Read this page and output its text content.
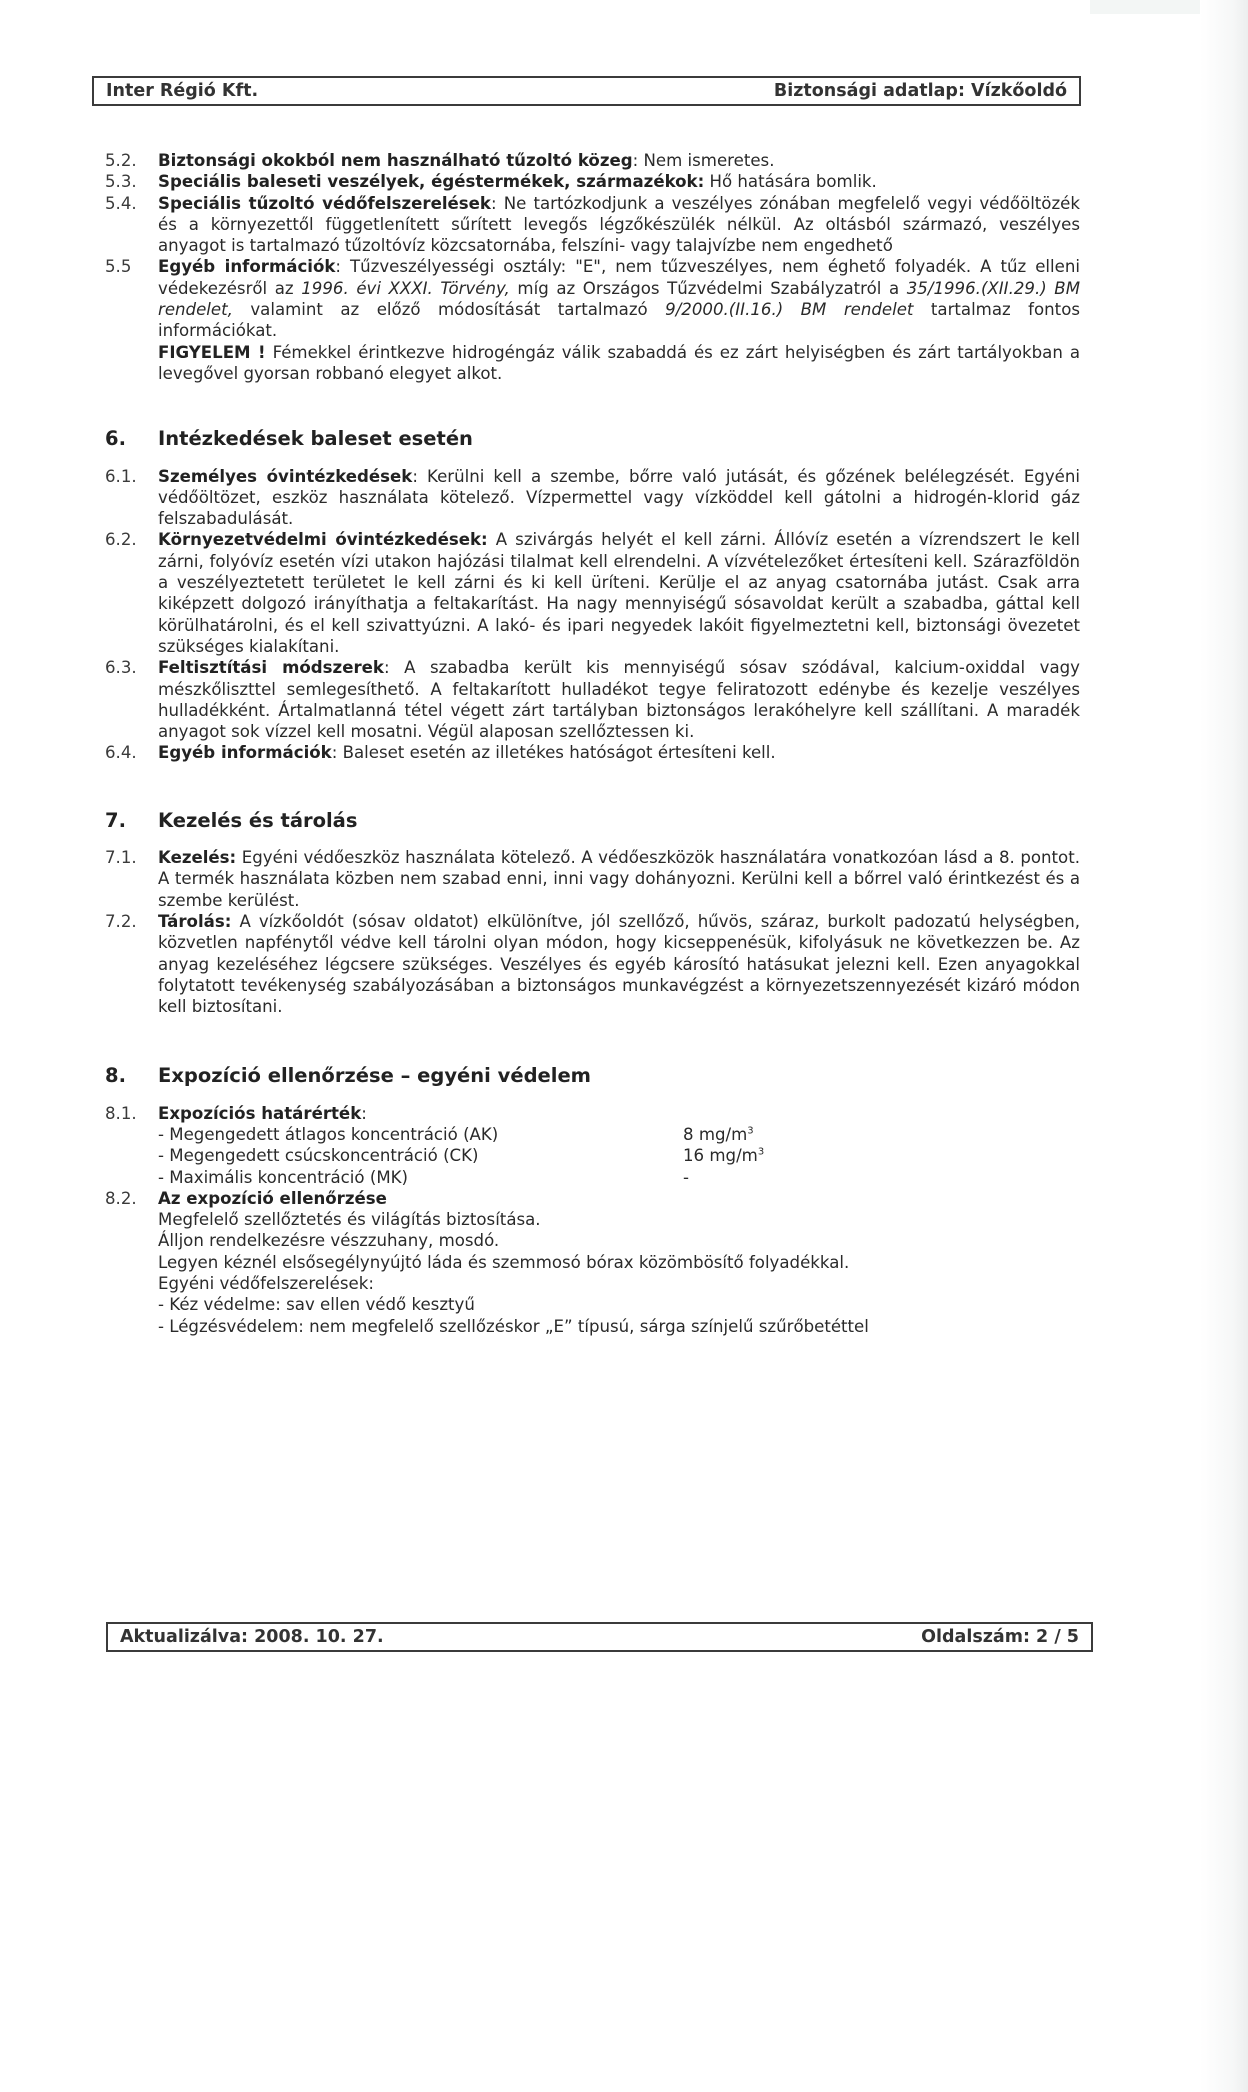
Inter Régió Kft.	Biztonsági adatlap: Vízkőoldó
5.2.	Biztonsági okokból nem használható tűzoltó közeg: Nem ismeretes.
5.3.	Speciális baleseti veszélyek, égéstermékek, származékok: Hő hatására bomlik.
5.4.	Speciális tűzoltó védőfelszerelések: Ne tartózkodjunk a veszélyes zónában megfelelő vegyi védőöltözék és a környezettől függetlenített sűrített levegős légzőkészülék nélkül. Az oltásból származó, veszélyes anyagot is tartalmazó tűzoltóvíz közcsatornába, felszíni- vagy talajvízbe nem engedhető
5.5	Egyéb információk: Tűzveszélyességi osztály: "E", nem tűzveszélyes, nem éghető folyadék. A tűz elleni védekezésről az 1996. évi XXXI. Törvény, míg az Országos Tűzvédelmi Szabályzatról a 35/1996.(XII.29.) BM rendelet, valamint az előző módosítását tartalmazó 9/2000.(II.16.) BM rendelet tartalmaz fontos információkat.
FIGYELEM ! Fémekkel érintkezve hidrogéngáz válik szabaddá és ez zárt helyiségben és zárt tartályokban a levegővel gyorsan robbanó elegyet alkot.
6.	Intézkedések baleset esetén
6.1.	Személyes óvintézkedések: Kerülni kell a szembe, bőrre való jutását, és gőzének belélegzését. Egyéni védőöltözet, eszköz használata kötelező. Vízpermettel vagy vízköddel kell gátolni a hidrogén-klorid gáz felszabadulását.
6.2.	Környezetvédelmi óvintézkedések: A szivárgás helyét el kell zárni. Állóvíz esetén a vízrendszert le kell zárni, folyóvíz esetén vízi utakon hajózási tilalmat kell elrendelni. A vízvételezőket értesíteni kell. Szárazföldön a veszélyeztetett területet le kell zárni és ki kell üríteni. Kerülje el az anyag csatornába jutást. Csak arra kiképzett dolgozó irányíthatja a feltakarítást. Ha nagy mennyiségű sósavoldat került a szabadba, gáttal kell körülhatárolni, és el kell szivattyúzni. A lakó- és ipari negyedek lakóit figyelmeztetni kell, biztonsági övezetet szükséges kialakítani.
6.3.	Feltisztítási módszerek: A szabadba került kis mennyiségű sósav szódával, kalcium-oxiddal vagy mészkőliszttel semlegesíthető. A feltakarított hulladékot tegye feliratozott edénybe és kezelje veszélyes hulladékként. Ártalmatlanná tétel végett zárt tartályban biztonságos lerakóhelyre kell szállítani. A maradék anyagot sok vízzel kell mosatni. Végül alaposan szellőztessen ki.
6.4.	Egyéb információk: Baleset esetén az illetékes hatóságot értesíteni kell.
7.	Kezelés és tárolás
7.1.	Kezelés: Egyéni védőeszköz használata kötelező. A védőeszközök használatára vonatkozóan lásd a 8. pontot. A termék használata közben nem szabad enni, inni vagy dohányozni. Kerülni kell a bőrrel való érintkezést és a szembe kerülést.
7.2.	Tárolás: A vízkőoldót (sósav oldatot) elkülönítve, jól szellőző, hűvös, száraz, burkolt padozatú helységben, közvetlen napfénytől védve kell tárolni olyan módon, hogy kicseppenésük, kifolyásuk ne következzen be. Az anyag kezeléséhez légcsere szükséges. Veszélyes és egyéb károsító hatásukat jelezni kell. Ezen anyagokkal folytatott tevékenység szabályozásában a biztonságos munkavégzést a környezetszennyezését kizáró módon kell biztosítani.
8.	Expozíció ellenőrzése – egyéni védelem
8.1.	Expozíciós határérték:
- Megengedett átlagos koncentráció (AK)	8 $mg/m^3$
- Megengedett csúcskoncentráció (CK)	16 $mg/m^3$
- Maximális koncentráció (MK)	-
8.2.	Az expozíció ellenőrzése
Megfelelő szellőztetés és világítás biztosítása.
Álljon rendelkezésre vészzuhany, mosdó.
Legyen kéznél elsősegélynyújtó láda és szemmosó bórax közömbösítő folyadékkal.
Egyéni védőfelszerelések:
- Kéz védelme: sav ellen védő kesztyű
- Légzésvédelem: nem megfelelő szellőzéskor „E” típusú, sárga színjelű szűrőbetéttel
Aktualizálva: 2008. 10. 27.	Oldalszám: 2 / 5
